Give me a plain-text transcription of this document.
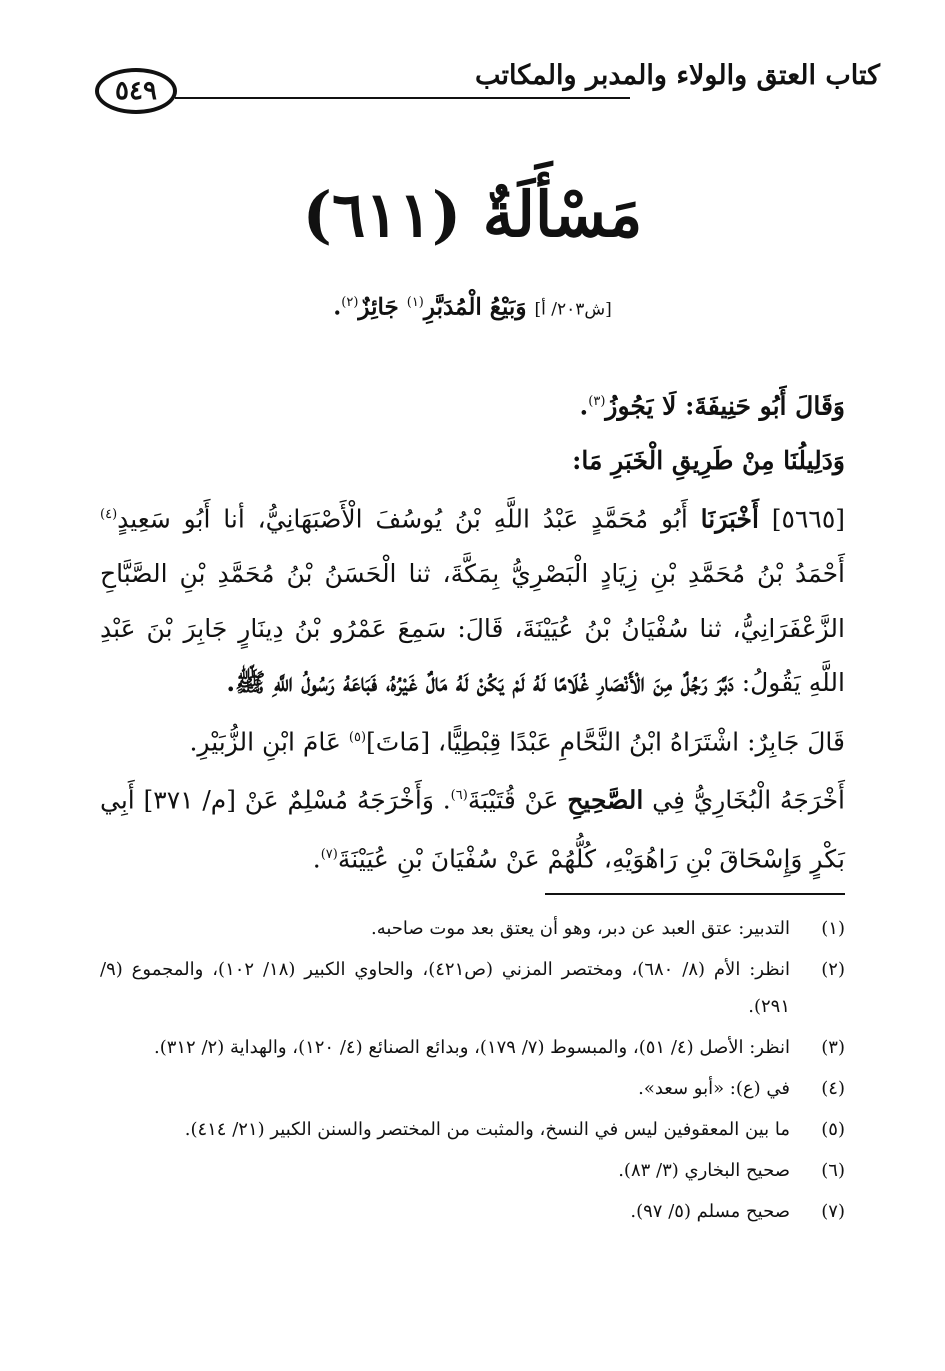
كتاب العتق والولاء والمدبر والمكاتب
٥٤٩
مَسْأَلَةٌ (٦١١)
[ش٢٠٣/ أ] وَبَيْعُ الْمُدَبَّرِ$^{(١)}$ جَائِزٌ$^{(٢)}$.

وَقَالَ أَبُو حَنِيفَةَ: لَا يَجُوزُ$^{(٣)}$.

وَدَلِيلُنَا مِنْ طَرِيقِ الْخَبَرِ مَا:

[٥٦٦٥] أَخْبَرَنَا أَبُو مُحَمَّدٍ عَبْدُ اللَّهِ بْنُ يُوسُفَ الْأَصْبَهَانِيُّ، أنا أَبُو سَعِيدٍ$^{(٤)}$ أَحْمَدُ بْنُ مُحَمَّدِ بْنِ زِيَادٍ الْبَصْرِيُّ بِمَكَّةَ، ثنا الْحَسَنُ بْنُ مُحَمَّدِ بْنِ الصَّبَّاحِ الزَّعْفَرَانِيُّ، ثنا سُفْيَانُ بْنُ عُيَيْنَةَ، قَالَ: سَمِعَ عَمْرُو بْنُ دِينَارٍ جَابِرَ بْنَ عَبْدِ اللَّهِ يَقُولُ: دَبَّرَ رَجُلٌ مِنَ الْأَنْصَارِ غُلَامًا لَهُ لَمْ يَكُنْ لَهُ مَالٌ غَيْرُهُ، فَبَاعَهُ رَسُولُ اللَّهِ ﷺ.

قَالَ جَابِرٌ: اشْتَرَاهُ ابْنُ النَّحَّامِ عَبْدًا قِبْطِيًّا، [مَاتَ]$^{(٥)}$ عَامَ ابْنِ الزُّبَيْرِ.

أَخْرَجَهُ الْبُخَارِيُّ فِي الصَّحِيحِ عَنْ قُتَيْبَةَ$^{(٦)}$. وَأَخْرَجَهُ مُسْلِمٌ عَنْ [م/ ٣٧١] أَبِي بَكْرٍ وَإِسْحَاقَ بْنِ رَاهُوَيْهِ، كُلُّهُمْ عَنْ سُفْيَانَ بْنِ عُيَيْنَةَ$^{(٧)}$.

(١)
التدبير: عتق العبد عن دبر، وهو أن يعتق بعد موت صاحبه.
(٢)
انظر: الأم (٨/ ٦٨٠)، ومختصر المزني (ص٤٢١)، والحاوي الكبير (١٨/ ١٠٢)، والمجموع (٩/ ٢٩١).
(٣)
انظر: الأصل (٤/ ٥١)، والمبسوط (٧/ ١٧٩)، وبدائع الصنائع (٤/ ١٢٠)، والهداية (٢/ ٣١٢).
(٤)
في (ع): «أبو سعد».
(٥)
ما بين المعقوفين ليس في النسخ، والمثبت من المختصر والسنن الكبير (٢١/ ٤١٤).
(٦)
صحيح البخاري (٣/ ٨٣).
(٧)
صحيح مسلم (٥/ ٩٧).
